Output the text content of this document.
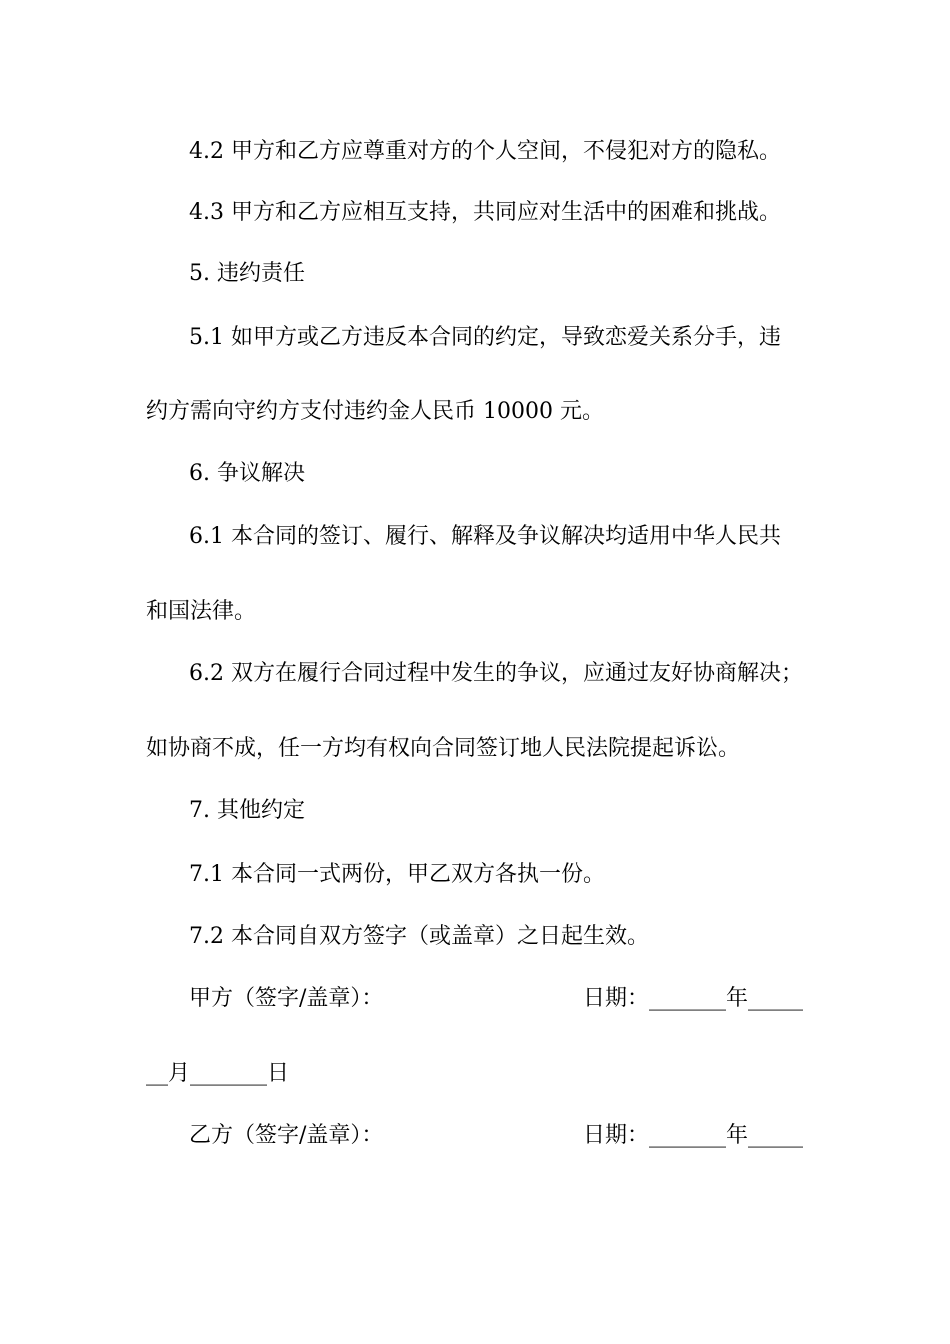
4.2 甲方和乙方应尊重对方的个人空间，不侵犯对方的隐私。
4.3 甲方和乙方应相互支持，共同应对生活中的困难和挑战。
5. 违约责任
5.1 如甲方或乙方违反本合同的约定，导致恋爱关系分手，违
约方需向守约方支付违约金人民币 10000 元。
6. 争议解决
6.1 本合同的签订、履行、解释及争议解决均适用中华人民共
和国法律。
6.2 双方在履行合同过程中发生的争议，应通过友好协商解决；
如协商不成，任一方均有权向合同签订地人民法院提起诉讼。
7. 其他约定
7.1 本合同一式两份，甲乙双方各执一份。
7.2 本合同自双方签字（或盖章）之日起生效。
甲方（签字/盖章）：	日期：_______年_____
__月_______日
乙方（签字/盖章）：	日期：_______年_____
